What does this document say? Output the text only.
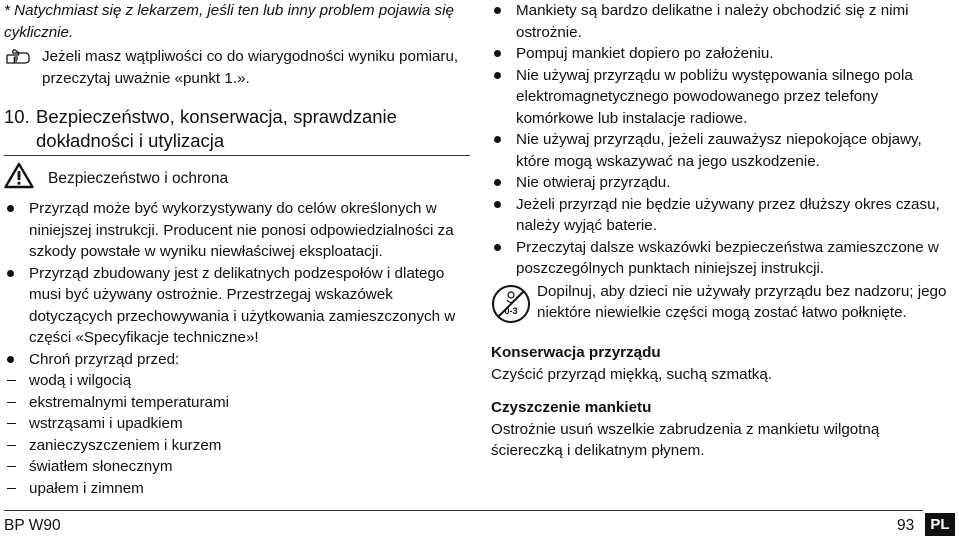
* Natychmiast się z lekarzem, jeśli ten lub inny problem pojawia się cyklicznie.

Jeżeli masz wątpliwości co do wiarygodności wyniku pomiaru, przeczytaj uważnie «punkt 1.».

10. Bezpieczeństwo, konserwacja, sprawdzanie dokładności i utylizacja
Bezpieczeństwo i ochrona
Przyrząd może być wykorzystywany do celów określonych w niniejszej instrukcji. Producent nie ponosi odpowiedzialności za szkody powstałe w wyniku niewłaściwej eksploatacji.
Przyrząd zbudowany jest z delikatnych podzespołów i dlatego musi być używany ostrożnie. Przestrzegaj wskazówek dotyczących przechowywania i użytkowania zamieszczonych w części «Specyfikacje techniczne»!
Chroń przyrząd przed:
wodą i wilgocią
ekstremalnymi temperaturami
wstrząsami i upadkiem
zanieczyszczeniem i kurzem
światłem słonecznym
upałem i zimnem
Mankiety są bardzo delikatne i należy obchodzić się z nimi ostrożnie.
Pompuj mankiet dopiero po założeniu.
Nie używaj przyrządu w pobliżu występowania silnego pola elektromagnetycznego powodowanego przez telefony komórkowe lub instalacje radiowe.
Nie używaj przyrządu, jeżeli zauważysz niepokojące objawy, które mogą wskazywać na jego uszkodzenie.
Nie otwieraj przyrządu.
Jeżeli przyrząd nie będzie używany przez dłuższy okres czasu, należy wyjąć baterie.
Przeczytaj dalsze wskazówki bezpieczeństwa zamieszczone w poszczególnych punktach niniejszej instrukcji.
0-3

Dopilnuj, aby dzieci nie używały przyrządu bez nadzoru; jego niektóre niewielkie części mogą zostać łatwo połknięte.

Konserwacja przyrządu

Czyścić przyrząd miękką, suchą szmatką.

Czyszczenie mankietu

Ostrożnie usuń wszelkie zabrudzenia z mankietu wilgotną ściereczką i delikatnym płynem.

BP W90	93	PL
